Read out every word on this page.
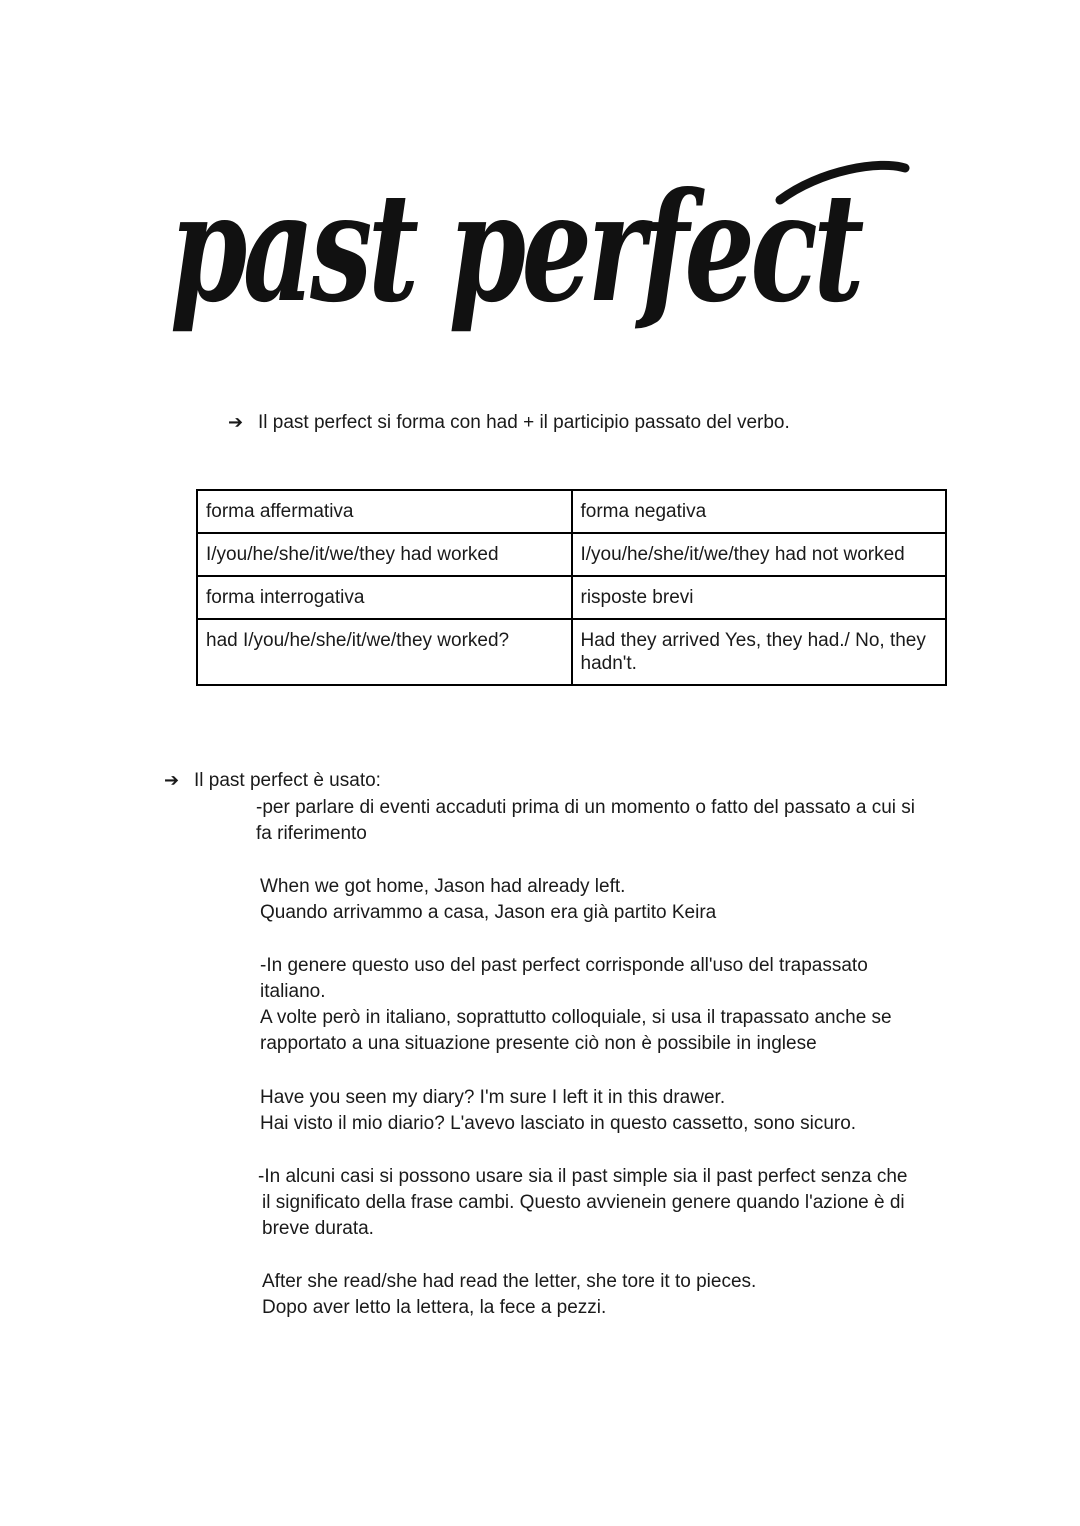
past perfect
➔ Il past perfect si forma con had + il participio passato del verbo.
forma affermativa	forma negativa
I/you/he/she/it/we/they had worked	I/you/he/she/it/we/they had not worked
forma interrogativa	risposte brevi
had I/you/he/she/it/we/they worked?	Had they arrived Yes, they had./ No, they hadn't.
➔ Il past perfect è usato:
-per parlare di eventi accaduti prima di un momento o fatto del passato a cui si
fa riferimento
When we got home, Jason had already left.
Quando arrivammo a casa, Jason era già partito Keira
-In genere questo uso del past perfect corrisponde all'uso del trapassato
italiano.
A volte però in italiano, soprattutto colloquiale, si usa il trapassato anche se
rapportato a una situazione presente ciò non è possibile in inglese
Have you seen my diary? I'm sure I left it in this drawer.
Hai visto il mio diario? L'avevo lasciato in questo cassetto, sono sicuro.
-In alcuni casi si possono usare sia il past simple sia il past perfect senza che
il significato della frase cambi. Questo avvienein genere quando l'azione è di
breve durata.
After she read/she had read the letter, she tore it to pieces.
Dopo aver letto la lettera, la fece a pezzi.
